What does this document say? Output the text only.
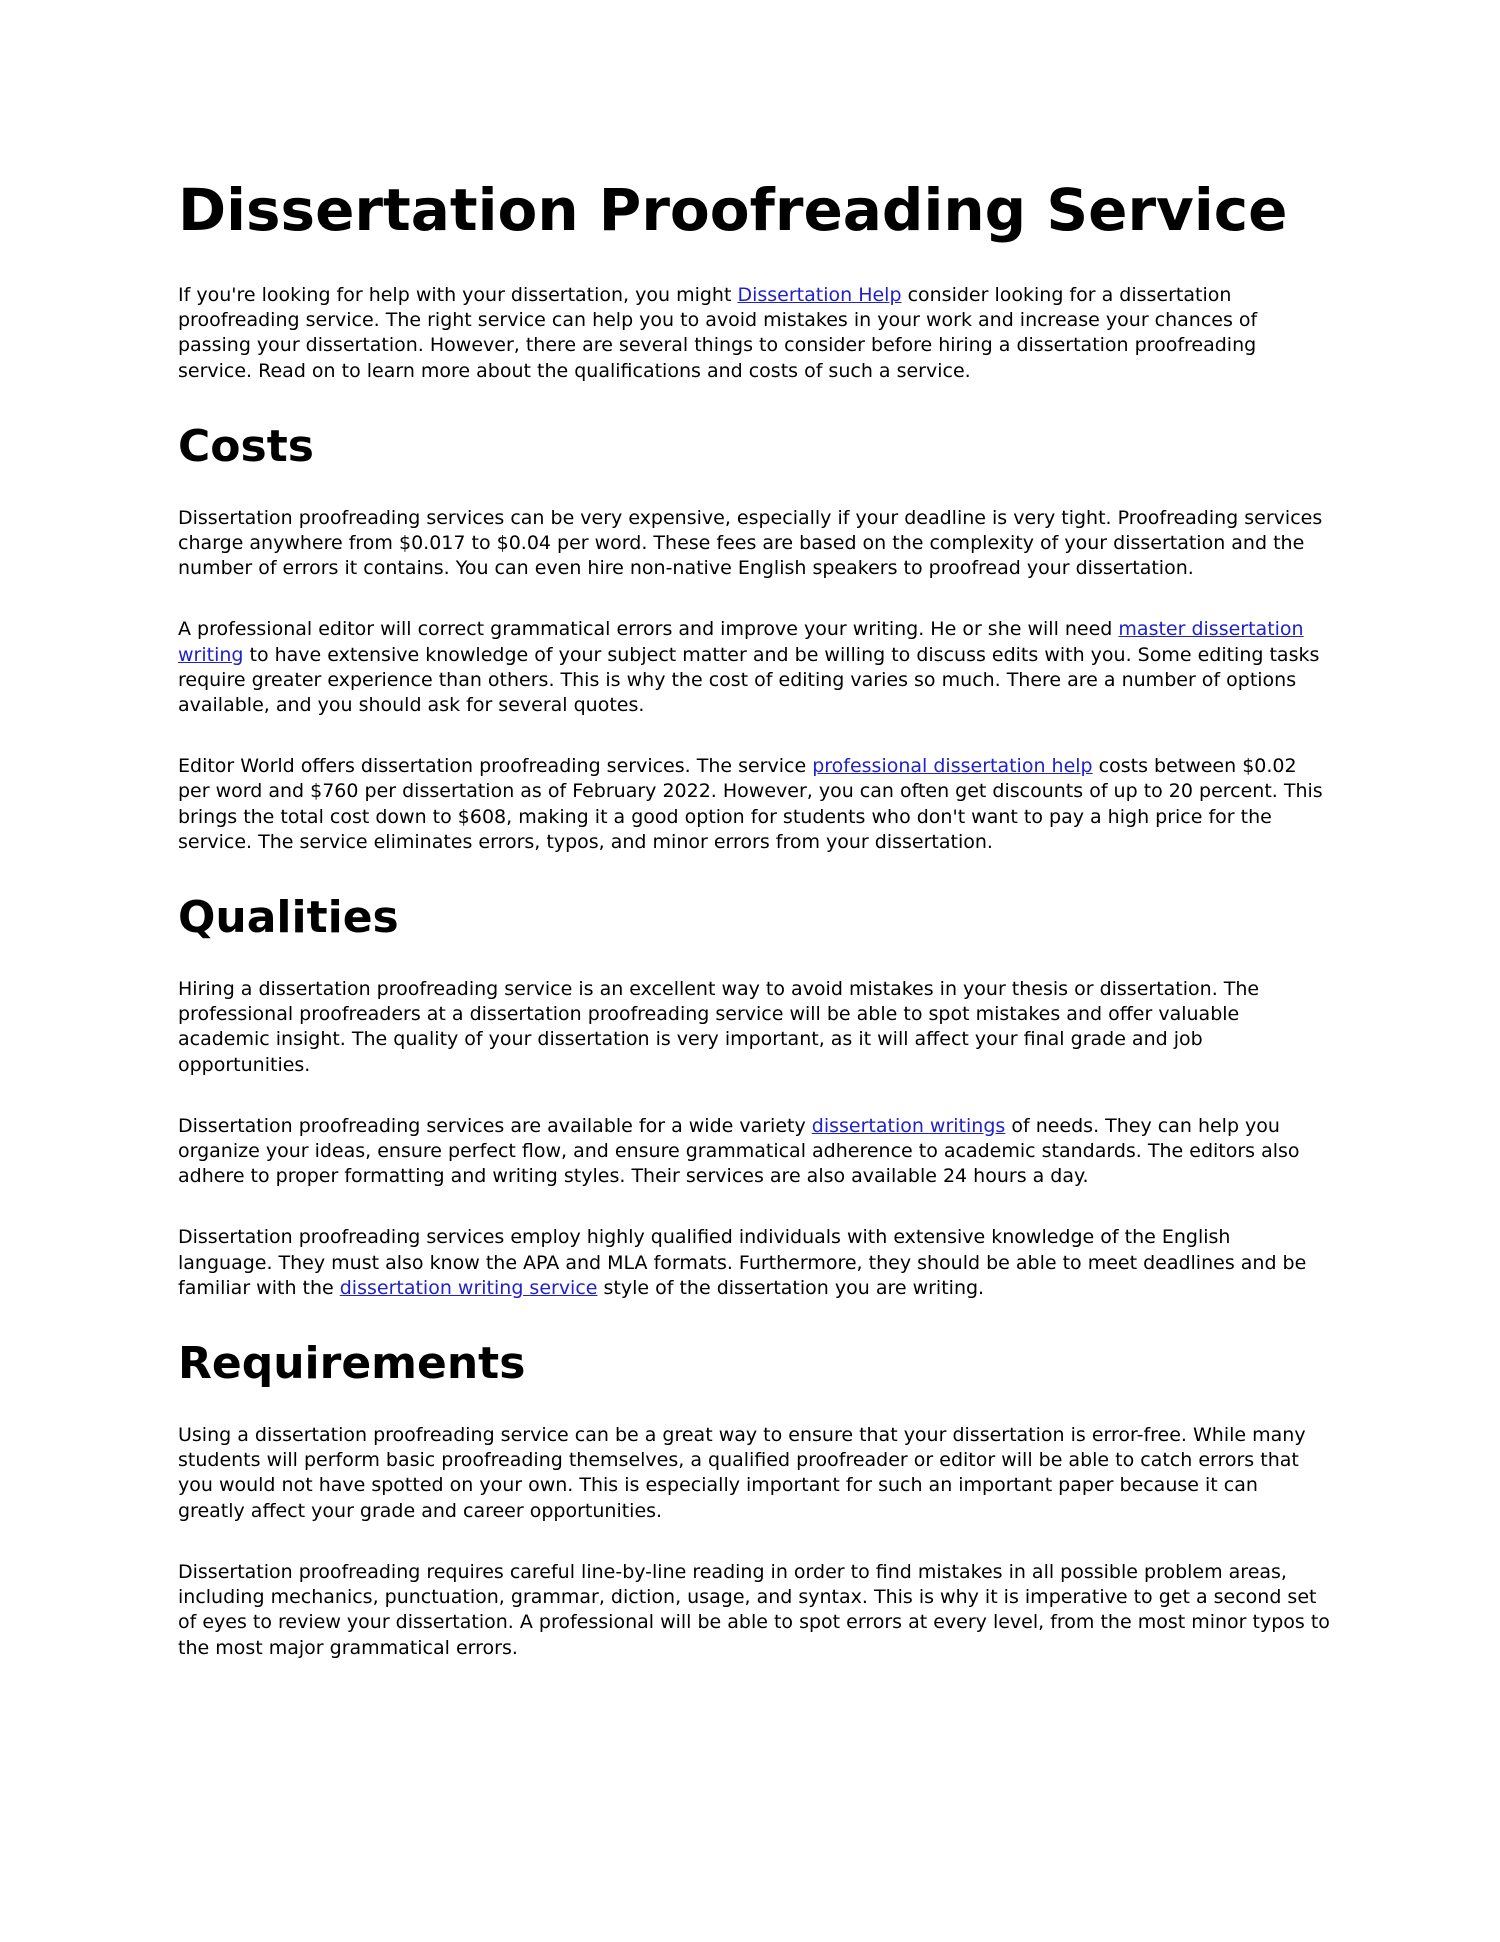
Dissertation Proofreading Service

If you're looking for help with your dissertation, you might Dissertation Help consider looking for a dissertation proofreading service. The right service can help you to avoid mistakes in your work and increase your chances of passing your dissertation. However, there are several things to consider before hiring a dissertation proofreading service. Read on to learn more about the qualifications and costs of such a service.

Costs

Dissertation proofreading services can be very expensive, especially if your deadline is very tight. Proofreading services charge anywhere from $0.017 to $0.04 per word. These fees are based on the complexity of your dissertation and the number of errors it contains. You can even hire non-native English speakers to proofread your dissertation.

A professional editor will correct grammatical errors and improve your writing. He or she will need master dissertation writing to have extensive knowledge of your subject matter and be willing to discuss edits with you. Some editing tasks require greater experience than others. This is why the cost of editing varies so much. There are a number of options available, and you should ask for several quotes.

Editor World offers dissertation proofreading services. The service professional dissertation help costs between $0.02 per word and $760 per dissertation as of February 2022. However, you can often get discounts of up to 20 percent. This brings the total cost down to $608, making it a good option for students who don't want to pay a high price for the service. The service eliminates errors, typos, and minor errors from your dissertation.

Qualities

Hiring a dissertation proofreading service is an excellent way to avoid mistakes in your thesis or dissertation. The professional proofreaders at a dissertation proofreading service will be able to spot mistakes and offer valuable academic insight. The quality of your dissertation is very important, as it will affect your final grade and job opportunities.

Dissertation proofreading services are available for a wide variety dissertation writings of needs. They can help you organize your ideas, ensure perfect flow, and ensure grammatical adherence to academic standards. The editors also adhere to proper formatting and writing styles. Their services are also available 24 hours a day.

Dissertation proofreading services employ highly qualified individuals with extensive knowledge of the English language. They must also know the APA and MLA formats. Furthermore, they should be able to meet deadlines and be familiar with the dissertation writing service style of the dissertation you are writing.

Requirements

Using a dissertation proofreading service can be a great way to ensure that your dissertation is error-free. While many students will perform basic proofreading themselves, a qualified proofreader or editor will be able to catch errors that you would not have spotted on your own. This is especially important for such an important paper because it can greatly affect your grade and career opportunities.

Dissertation proofreading requires careful line-by-line reading in order to find mistakes in all possible problem areas, including mechanics, punctuation, grammar, diction, usage, and syntax. This is why it is imperative to get a second set of eyes to review your dissertation. A professional will be able to spot errors at every level, from the most minor typos to the most major grammatical errors.
